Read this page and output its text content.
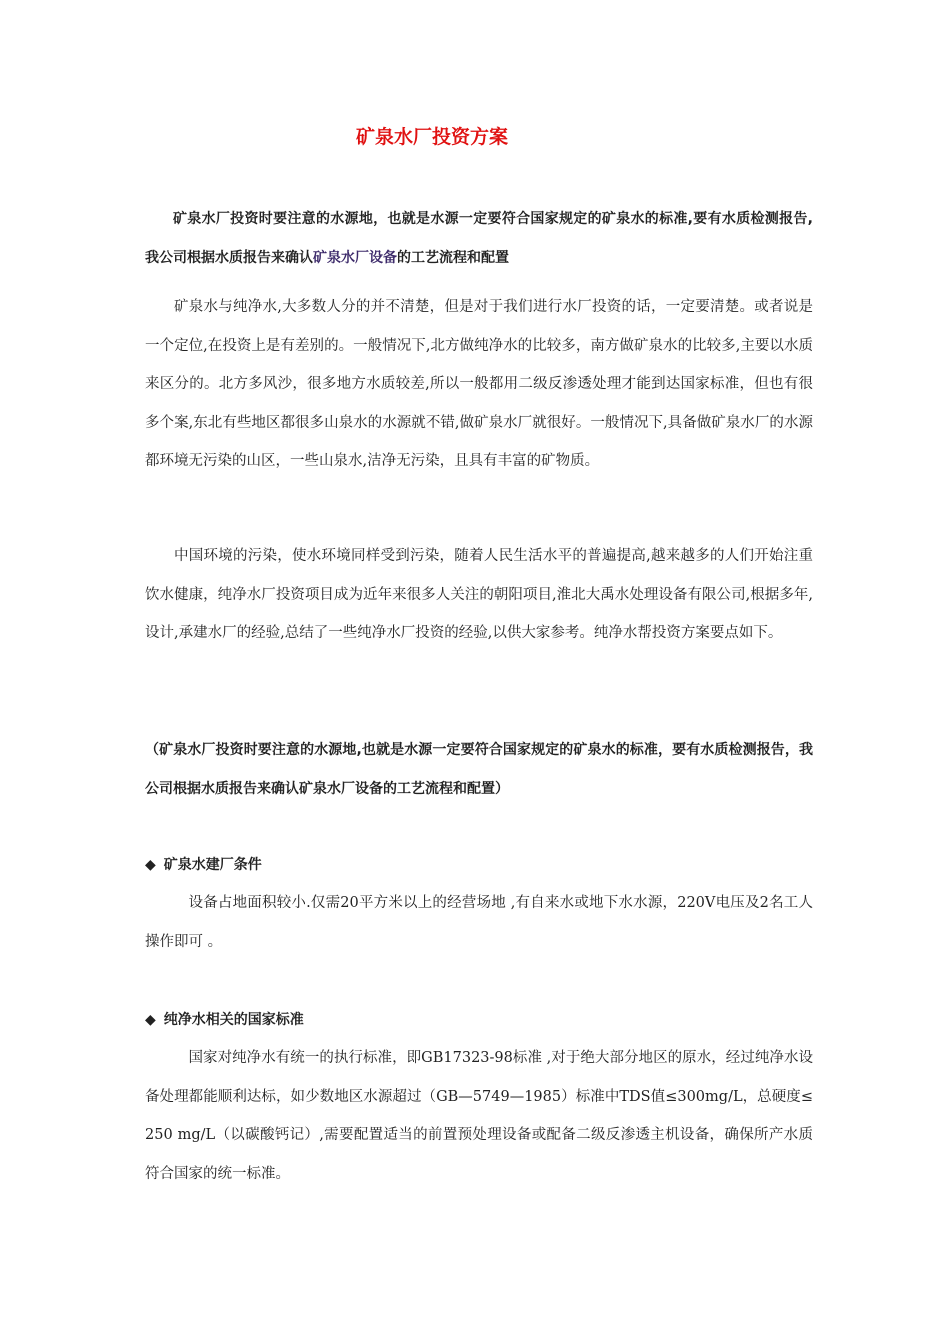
矿泉水厂投资方案

矿泉水厂投资时要注意的水源地，也就是水源一定要符合国家规定的矿泉水的标准,要有水质检测报告,我公司根据水质报告来确认矿泉水厂设备的工艺流程和配置

矿泉水与纯净水,大多数人分的并不清楚，但是对于我们进行水厂投资的话，一定要清楚。或者说是一个定位,在投资上是有差别的。一般情况下,北方做纯净水的比较多，南方做矿泉水的比较多,主要以水质来区分的。北方多风沙，很多地方水质较差,所以一般都用二级反渗透处理才能到达国家标准，但也有很多个案,东北有些地区都很多山泉水的水源就不错,做矿泉水厂就很好。一般情况下,具备做矿泉水厂的水源都环境无污染的山区，一些山泉水,洁净无污染，且具有丰富的矿物质。

中国环境的污染，使水环境同样受到污染，随着人民生活水平的普遍提高,越来越多的人们开始注重饮水健康，纯净水厂投资项目成为近年来很多人关注的朝阳项目,淮北大禹水处理设备有限公司,根据多年,设计,承建水厂的经验,总结了一些纯净水厂投资的经验,以供大家参考。纯净水帮投资方案要点如下。

（矿泉水厂投资时要注意的水源地,也就是水源一定要符合国家规定的矿泉水的标准，要有水质检测报告，我公司根据水质报告来确认矿泉水厂设备的工艺流程和配置）

◆ 矿泉水建厂条件

设备占地面积较小.仅需20平方米以上的经营场地 ,有自来水或地下水水源，220V电压及2名工人操作即可 。

◆ 纯净水相关的国家标准

国家对纯净水有统一的执行标准，即GB17323-98标准 ,对于绝大部分地区的原水，经过纯净水设备处理都能顺利达标，如少数地区水源超过（GB—5749—1985）标准中TDS值≤300mg/L，总硬度≤ 250 mg/L（以碳酸钙记）,需要配置适当的前置预处理设备或配备二级反渗透主机设备，确保所产水质符合国家的统一标准。
